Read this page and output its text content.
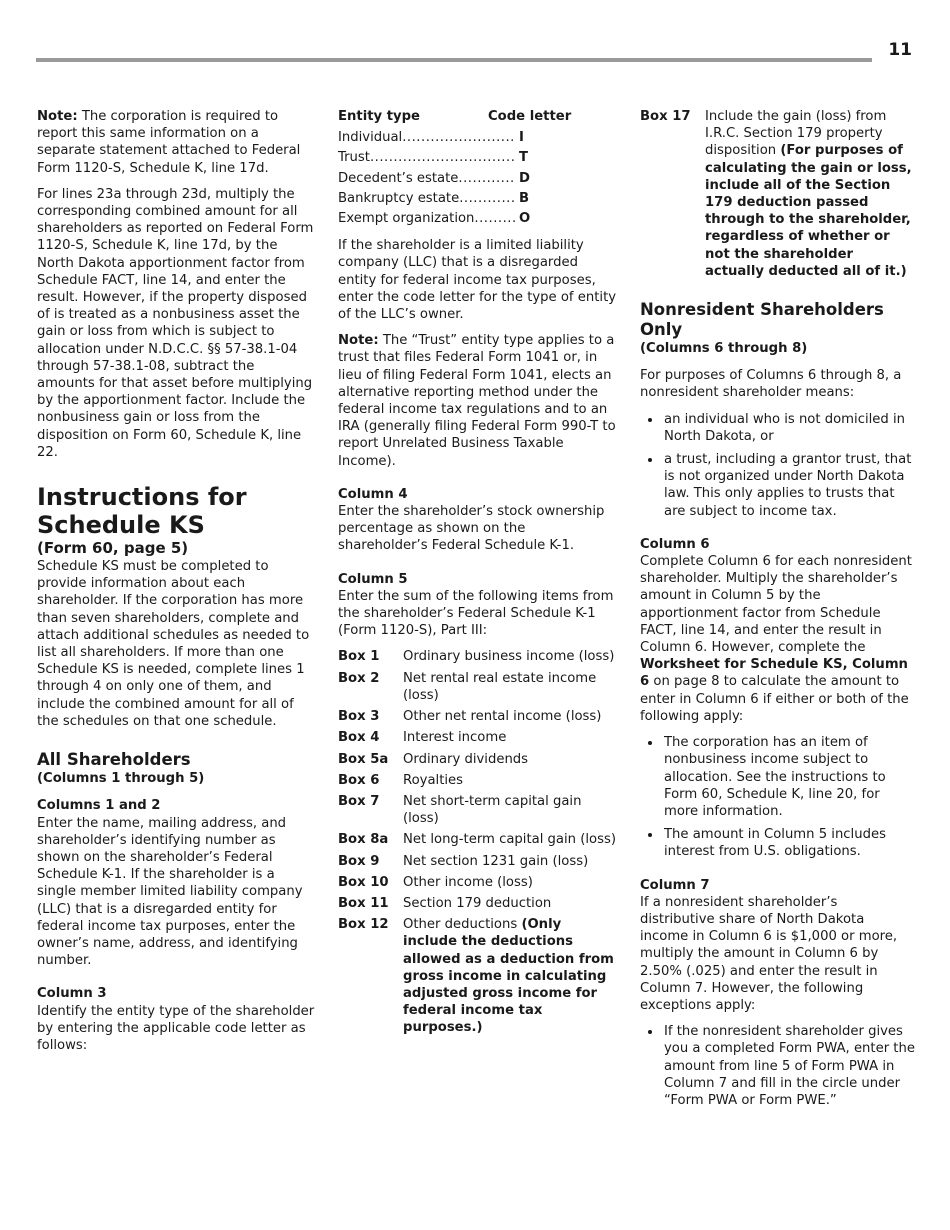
11

Note: The corporation is required to report this same information on a separate statement attached to Federal Form 1120-S, Schedule K, line 17d.

For lines 23a through 23d, multiply the corresponding combined amount for all shareholders as reported on Federal Form 1120-S, Schedule K, line 17d, by the North Dakota apportionment factor from Schedule FACT, line 14, and enter the result. However, if the property disposed of is treated as a nonbusiness asset the gain or loss from which is subject to allocation under N.D.C.C. §§ 57-38.1-04 through 57-38.1-08, subtract the amounts for that asset before multiplying by the apportionment factor. Include the nonbusiness gain or loss from the disposition on Form 60, Schedule K, line 22.

Instructions for Schedule KS
(Form 60, page 5)

Schedule KS must be completed to provide information about each shareholder. If the corporation has more than seven shareholders, complete and attach additional schedules as needed to list all shareholders. If more than one Schedule KS is needed, complete lines 1 through 4 on only one of them, and include the combined amount for all of the schedules on that one schedule.

All Shareholders
(Columns 1 through 5)
Columns 1 and 2

Enter the name, mailing address, and shareholder’s identifying number as shown on the shareholder’s Federal Schedule K-1. If the shareholder is a single member limited liability company (LLC) that is a disregarded entity for federal income tax purposes, enter the owner’s name, address, and identifying number.

Column 3

Identify the entity type of the shareholder by entering the applicable code letter as follows:

Entity type	Code letter
Individual .....	I
Trust .....	T
Decedent’s estate .....	D
Bankruptcy estate .....	B
Exempt organization .....	O

If the shareholder is a limited liability company (LLC) that is a disregarded entity for federal income tax purposes, enter the code letter for the type of entity of the LLC’s owner.

Note: The “Trust” entity type applies to a trust that files Federal Form 1041 or, in lieu of filing Federal Form 1041, elects an alternative reporting method under the federal income tax regulations and to an IRA (generally filing Federal Form 990-T to report Unrelated Business Taxable Income).

Column 4

Enter the shareholder’s stock ownership percentage as shown on the shareholder’s Federal Schedule K-1.

Column 5

Enter the sum of the following items from the shareholder’s Federal Schedule K-1 (Form 1120-S), Part III:

Box 1	Ordinary business income (loss)
Box 2	Net rental real estate income (loss)
Box 3	Other net rental income (loss)
Box 4	Interest income
Box 5a	Ordinary dividends
Box 6	Royalties
Box 7	Net short-term capital gain (loss)
Box 8a	Net long-term capital gain (loss)
Box 9	Net section 1231 gain (loss)
Box 10	Other income (loss)
Box 11	Section 179 deduction
Box 12	Other deductions (Only include the deductions allowed as a deduction from gross income in calculating adjusted gross income for federal income tax purposes.)
Box 17	Include the gain (loss) from I.R.C. Section 179 property disposition (For purposes of calculating the gain or loss, include all of the Section 179 deduction passed through to the shareholder, regardless of whether or not the shareholder actually deducted all of it.)
Nonresident Shareholders Only
(Columns 6 through 8)

For purposes of Columns 6 through 8, a nonresident shareholder means:

• an individual who is not domiciled in North Dakota, or
• a trust, including a grantor trust, that is not organized under North Dakota law. This only applies to trusts that are subject to income tax.
Column 6

Complete Column 6 for each nonresident shareholder. Multiply the shareholder’s amount in Column 5 by the apportionment factor from Schedule FACT, line 14, and enter the result in Column 6. However, complete the Worksheet for Schedule KS, Column 6 on page 8 to calculate the amount to enter in Column 6 if either or both of the following apply:

• The corporation has an item of nonbusiness income subject to allocation. See the instructions to Form 60, Schedule K, line 20, for more information.
• The amount in Column 5 includes interest from U.S. obligations.
Column 7

If a nonresident shareholder’s distributive share of North Dakota income in Column 6 is $1,000 or more, multiply the amount in Column 6 by 2.50% (.025) and enter the result in Column 7. However, the following exceptions apply:

• If the nonresident shareholder gives you a completed Form PWA, enter the amount from line 5 of Form PWA in Column 7 and fill in the circle under “Form PWA or Form PWE.”
